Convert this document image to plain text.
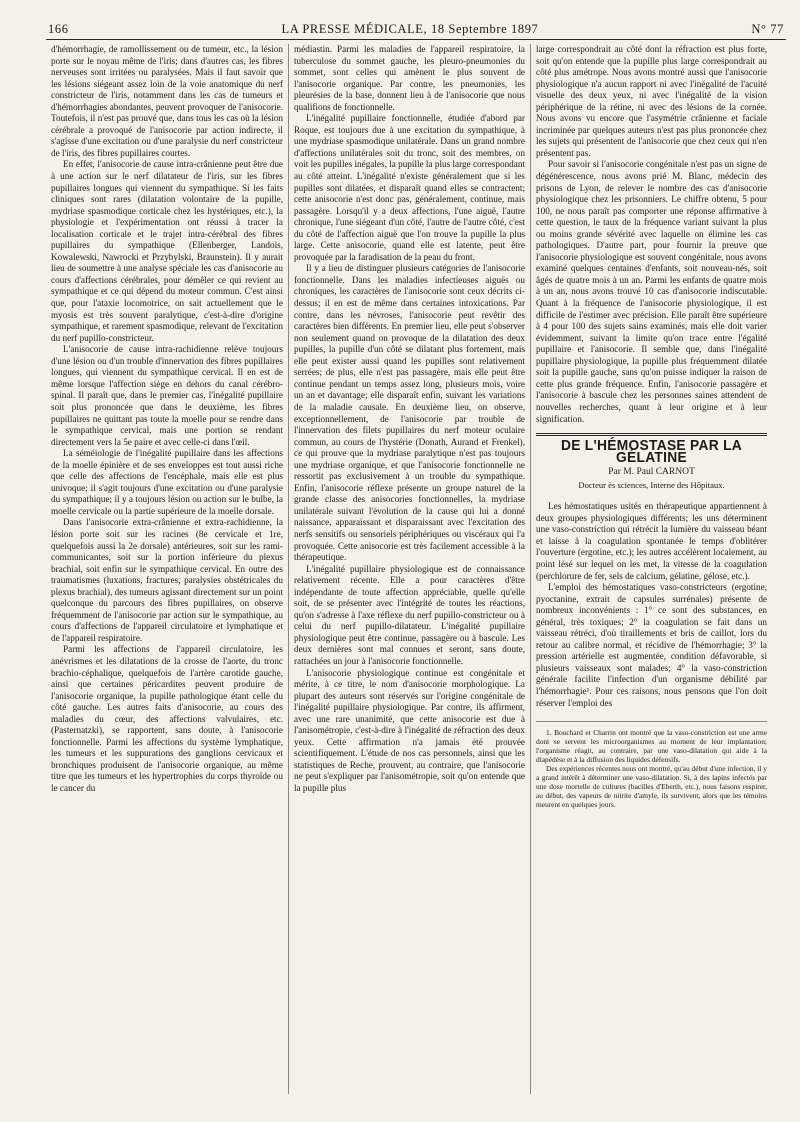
166	LA PRESSE MÉDICALE, 18 Septembre 1897	N° 77

d'hémorrhagie, de ramollissement ou de tumeur, etc., la lésion porte sur le noyau même de l'iris; dans d'autres cas, les fibres nerveuses sont irritées ou paralysées. Mais il faut savoir que les lésions siégeant assez loin de la voie anatomique du nerf constricteur de l'iris, notamment dans les cas de tumeurs et d'hémorrhagies abondantes, peuvent provoquer de l'anisocorie. Toutefois, il n'est pas prouvé que, dans tous les cas où la lésion cérébrale a provoqué de l'anisocorie par action indirecte, il s'agisse d'une excitation ou d'une paralysie du nerf constricteur de l'iris, des fibres pupillaires courtes.

En effet, l'anisocorie de cause intra-crânienne peut être due à une action sur le nerf dilatateur de l'iris, sur les fibres pupillaires longues qui viennent du sympathique. Si les faits cliniques sont rares (dilatation volontaire de la pupille, mydriase spasmodique corticale chez les hystériques, etc.), la physiologie et l'expérimentation ont réussi à tracer la localisation corticale et le trajet intra-cérébral des fibres pupillaires du sympathique (Ellenberger, Landois, Kowalewski, Nawrocki et Przybylski, Braunstein). Il y aurait lieu de soumettre à une analyse spéciale les cas d'anisocorie au cours d'affections cérébrales, pour démêler ce qui revient au sympathique et ce qui dépend du moteur commun. C'est ainsi que, pour l'ataxie locomotrice, on sait actuellement que le myosis est très souvent paralytique, c'est-à-dire d'origine sympathique, et rarement spasmodique, relevant de l'excitation du nerf pupillo-constricteur.

L'anisocorie de cause intra-rachidienne relève toujours d'une lésion ou d'un trouble d'innervation des fibres pupillaires longues, qui viennent du sympathique cervical. Il en est de même lorsque l'affection siège en dehors du canal cérébro-spinal. Il paraît que, dans le premier cas, l'inégalité pupillaire soit plus prononcée que dans le deuxième, les fibres pupillaires ne quittant pas toute la moelle pour se rendre dans le sympathique cervical, mais une portion se rendant directement vers la 5e paire et avec celle-ci dans l'œil.

La séméiologie de l'inégalité pupillaire dans les affections de la moelle épinière et de ses enveloppes est tout aussi riche que celle des affections de l'encéphale, mais elle est plus univoque; il s'agit toujours d'une excitation ou d'une paralysie du sympathique; il y a toujours lésion ou action sur le bulbe, la moelle cervicale ou la partie supérieure de la moelle dorsale.

Dans l'anisocorie extra-crânienne et extra-rachidienne, la lésion porte soit sur les racines (8e cervicale et 1re, quelquefois aussi la 2e dorsale) antérieures, soit sur les rami-communicantes, soit sur la portion inférieure du plexus brachial, soit enfin sur le sympathique cervical. En outre des traumatismes (luxations, fractures, paralysies obstétricales du plexus brachial), des tumeurs agissant directement sur un point quelconque du parcours des fibres pupillaires, on observe fréquemment de l'anisocorie par action sur le sympathique, au cours d'affections de l'appareil circulatoire et lymphatique et de l'appareil respiratoire.

Parmi les affections de l'appareil circulatoire, les anévrismes et les dilatations de la crosse de l'aorte, du tronc brachio-céphalique, quelquefois de l'artère carotide gauche, ainsi que certaines péricardites peuvent produire de l'anisocorie organique, la pupille pathologique étant celle du côté gauche. Les autres faits d'anisocorie, au cours des maladies du cœur, des affections valvulaires, etc. (Pasternatzki), se rapportent, sans doute, à l'anisocorie fonctionnelle. Parmi les affections du système lymphatique, les tumeurs et les suppurations des ganglions cervicaux et bronchiques produisent de l'anisocorie organique, au même titre que les tumeurs et les hypertrophies du corps thyroïde ou le cancer du

médiastin. Parmi les maladies de l'appareil respiratoire, la tuberculose du sommet gauche, les pleuro-pneumonies du sommet, sont celles qui amènent le plus souvent de l'anisocorie organique. Par contre, les pneumonies, les pleurésies de la base, donnent lieu à de l'anisocorie que nous qualifions de fonctionnelle.

L'inégalité pupillaire fonctionnelle, étudiée d'abord par Roque, est toujours due à une excitation du sympathique, à une mydriase spasmodique unilatérale. Dans un grand nombre d'affections unilatérales soit du tronc, soit des membres, on voit les pupilles inégales, la pupille la plus large correspondant au côté atteint. L'inégalité n'existe généralement que si les pupilles sont dilatées, et disparaît quand elles se contractent; cette anisocorie n'est donc pas, généralement, continue, mais passagère. Lorsqu'il y a deux affections, l'une aiguë, l'autre chronique, l'une siégeant d'un côté, l'autre de l'autre côté, c'est du côté de l'affection aiguë que l'on trouve la pupille la plus large. Cette anisocorie, quand elle est latente, peut être provoquée par la faradisation de la peau du front.

Il y a lieu de distinguer plusieurs catégories de l'anisocorie fonctionnelle. Dans les maladies infectieuses aiguës ou chroniques, les caractères de l'anisocorie sont ceux décrits ci-dessus; il en est de même dans certaines intoxications. Par contre, dans les névroses, l'anisocorie peut revêtir des caractères bien différents. En premier lieu, elle peut s'observer non seulement quand on provoque de la dilatation des deux pupilles, la pupille d'un côté se dilatant plus fortement, mais elle peut exister aussi quand les pupilles sont relativement serrées; de plus, elle n'est pas passagère, mais elle peut être continue pendant un temps assez long, plusieurs mois, voire un an et davantage; elle disparaît enfin, suivant les variations de la maladie causale. En deuxième lieu, on observe, exceptionnellement, de l'anisocorie par trouble de l'innervation des filets pupillaires du nerf moteur oculaire commun, au cours de l'hystérie (Donath, Aurand et Frenkel), ce qui prouve que la mydriase paralytique n'est pas toujours une mydriase organique, et que l'anisocorie fonctionnelle ne ressortit pas exclusivement à un trouble du sympathique. Enfin, l'anisocorie réflexe présente un groupe naturel de la grande classe des anisocories fonctionnelles, la mydriase unilatérale suivant l'évolution de la cause qui lui a donné naissance, apparaissant et disparaissant avec l'excitation des nerfs sensitifs ou sensoriels périphériques ou viscéraux qui l'a provoquée. Cette anisocorie est très facilement accessible à la thérapeutique.

L'inégalité pupillaire physiologique est de connaissance relativement récente. Elle a pour caractères d'être indépendante de toute affection appréciable, quelle qu'elle soit, de se présenter avec l'intégrité de toutes les réactions, qu'on s'adresse à l'axe réflexe du nerf pupillo-constricteur ou à celui du nerf pupillo-dilatateur. L'inégalité pupillaire physiologique peut être continue, passagère ou à bascule. Les deux dernières sont mal connues et seront, sans doute, rattachées un jour à l'anisocorie fonctionnelle.

L'anisocorie physiologique continue est congénitale et mérite, à ce titre, le nom d'anisocorie morphologique. La plupart des auteurs sont réservés sur l'origine congénitale de l'inégalité pupillaire physiologique. Par contre, ils affirment, avec une rare unanimité, que cette anisocorie est due à l'anisométropie, c'est-à-dire à l'inégalité de réfraction des deux yeux. Cette affirmation n'a jamais été prouvée scientifiquement. L'étude de nos cas personnels, ainsi que les statistiques de Reche, prouvent, au contraire, que l'anisocorie ne peut s'expliquer par l'anisométropie, soit qu'on entende que la pupille plus

large correspondrait au côté dont la réfraction est plus forte, soit qu'on entende que la pupille plus large correspondrait au côté plus amétrope. Nous avons montré aussi que l'anisocorie physiologique n'a aucun rapport ni avec l'inégalité de l'acuité visuelle des deux yeux, ni avec l'inégalité de la vision périphérique de la rétine, ni avec des lésions de la cornée. Nous avons vu encore que l'asymétrie crânienne et faciale incriminée par quelques auteurs n'est pas plus prononcée chez les sujets qui présentent de l'anisocorie que chez ceux qui n'en présentent pas.

Pour savoir si l'anisocorie congénitale n'est pas un signe de dégénérescence, nous avons prié M. Blanc, médecin des prisons de Lyon, de relever le nombre des cas d'anisocorie physiologique chez les prisonniers. Le chiffre obtenu, 5 pour 100, ne nous paraît pas comporter une réponse affirmative à cette question, le taux de la fréquence variant suivant la plus ou moins grande sévérité avec laquelle on élimine les cas pathologiques. D'autre part, pour fournir la preuve que l'anisocorie physiologique est souvent congénitale, nous avons examiné quelques centaines d'enfants, soit nouveau-nés, soit âgés de quatre mois à un an. Parmi les enfants de quatre mois à un an, nous avons trouvé 10 cas d'anisocorie indiscutable. Quant à la fréquence de l'anisocorie physiologique, il est difficile de l'estimer avec précision. Elle paraît être supérieure à 4 pour 100 des sujets sains examinés, mais elle doit varier évidemment, suivant la limite qu'on trace entre l'égalité pupillaire et l'anisocorie. Il semble que, dans l'inégalité pupillaire physiologique, la pupille plus fréquemment dilatée soit la pupille gauche, sans qu'on puisse indiquer la raison de cette plus grande fréquence. Enfin, l'anisocorie passagère et l'anisocorie à bascule chez les personnes saines attendent de nouvelles recherches, quant à leur origine et à leur signification.

DE L'HÉMOSTASE PAR LA GÉLATINE
Par M. Paul CARNOT
Docteur ès sciences, Interne des Hôpitaux.

Les hémostatiques usités en thérapeutique appartiennent à deux groupes physiologiques différents; les uns déterminent une vaso-constriction qui rétrécit la lumière du vaisseau béant et laisse à la coagulation spontanée le temps d'oblitérer l'ouverture (ergotine, etc.); les autres accélèrent localement, au point lésé sur lequel on les met, la vitesse de la coagulation (perchlorure de fer, sels de calcium, gélatine, gélose, etc.).

L'emploi des hémostatiques vaso-constricteurs (ergotine, pyoctanine, extrait de capsules surrénales) présente de nombreux inconvénients : 1° ce sont des substances, en général, très toxiques; 2° la coagulation se fait dans un vaisseau rétréci, d'où tiraillements et bris de caillot, lors du retour au calibre normal, et récidive de l'hémorrhagie; 3° la pression artérielle est augmentée, condition défavorable, si plusieurs vaisseaux sont malades; 4° la vaso-constriction générale facilite l'infection d'un organisme débilité par l'hémorrhagie¹. Pour ces raisons, nous pensons que l'on doit réserver l'emploi des

1. Bouchard et Charrin ont montré que la vaso-constriction est une arme dont se servent les microorganismes au moment de leur implantation; l'organisme réagit, au contraire, par une vaso-dilatation qui aide à la diapédèse et à la diffusion des liquides défensifs.

Des expériences récentes nous ont montré, qu'au début d'une infection, il y a grand intérêt à déterminer une vaso-dilatation. Si, à des lapins infectés par une dose mortelle de cultures (bacilles d'Eberth, etc.), nous faisons respirer, au début, des vapeurs de nitrite d'amyle, ils survivent, alors que les témoins meurent en quelques jours.
